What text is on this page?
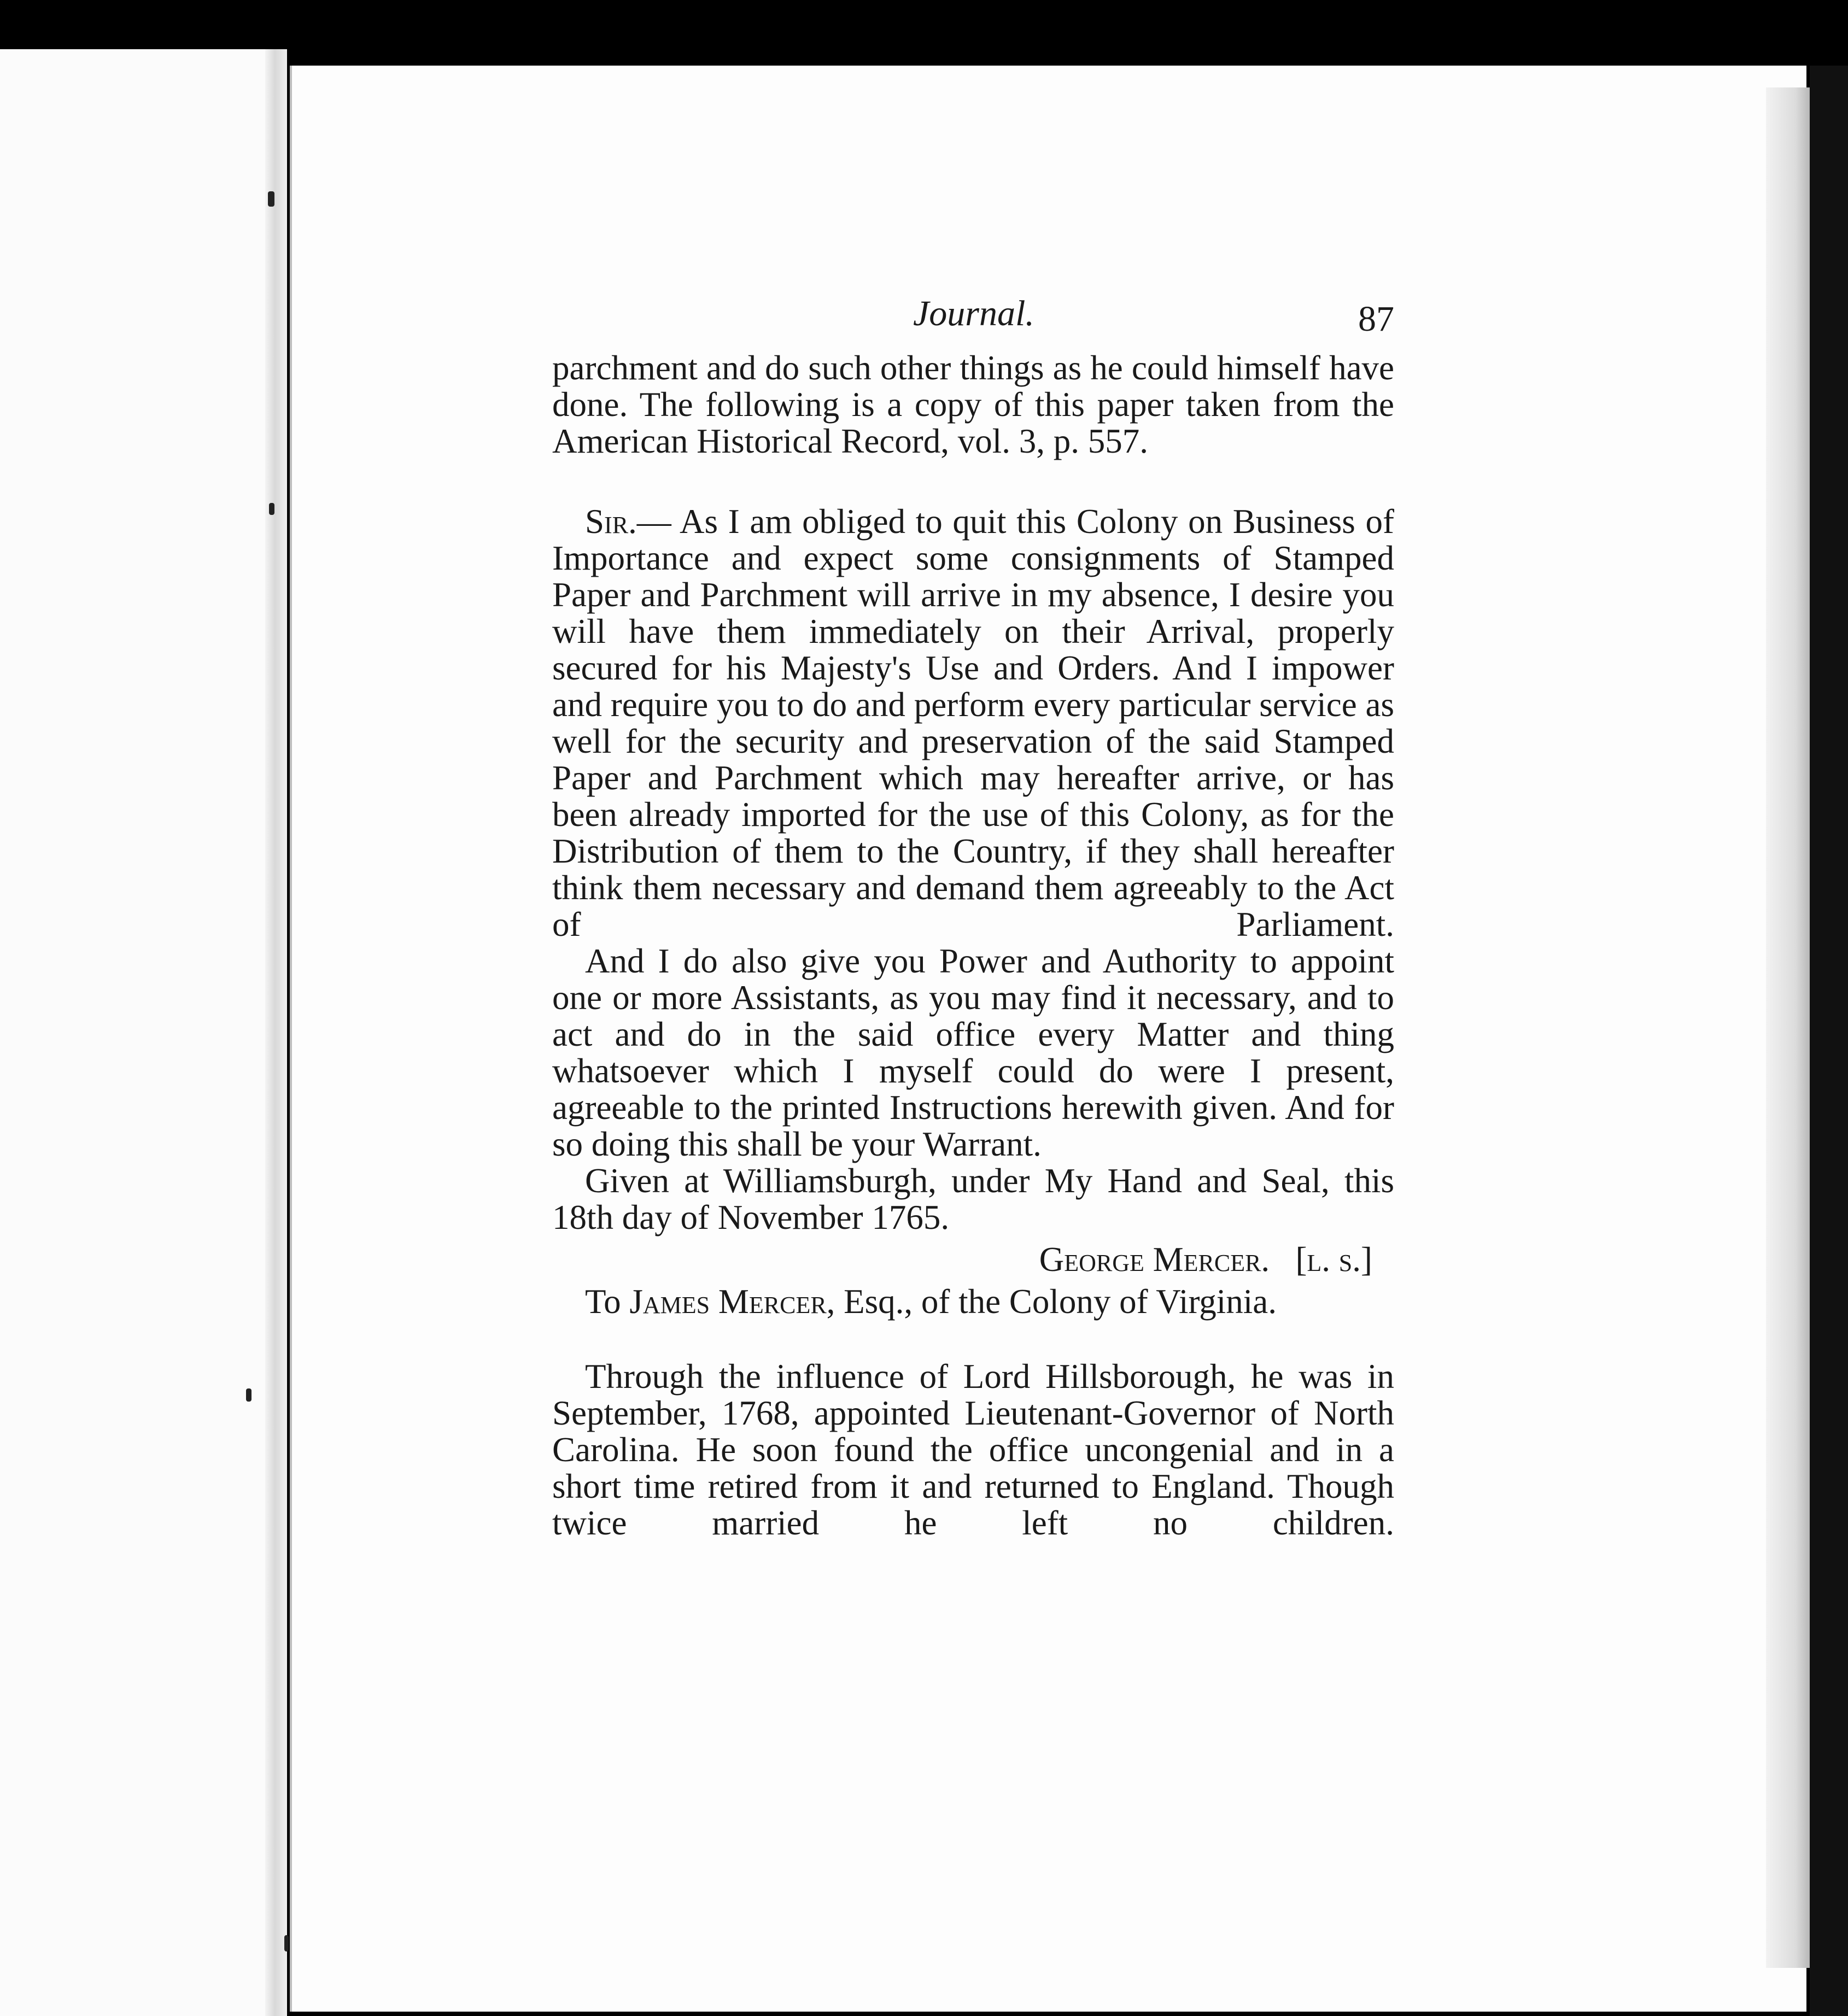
Journal.	87

parchment and do such other things as he could himself have done. The following is a copy of this paper taken from the American Historical Record, vol. 3, p. 557.

Sir.— As I am obliged to quit this Colony on Business of Importance and expect some consignments of Stamped Paper and Parchment will arrive in my absence, I desire you will have them immediately on their Arrival, properly secured for his Majesty's Use and Orders. And I impower and require you to do and perform every particular service as well for the security and preservation of the said Stamped Paper and Parchment which may hereafter arrive, or has been already imported for the use of this Colony, as for the Distribution of them to the Country, if they shall hereafter think them necessary and demand them agreeably to the Act of Parliament.

And I do also give you Power and Authority to appoint one or more Assistants, as you may find it necessary, and to act and do in the said office every Matter and thing whatsoever which I myself could do were I present, agreeable to the printed Instructions herewith given. And for so doing this shall be your Warrant.

Given at Williamsburgh, under My Hand and Seal, this 18th day of November 1765.

George Mercer. [l. s.]

To James Mercer, Esq., of the Colony of Virginia.

Through the influence of Lord Hillsborough, he was in September, 1768, appointed Lieutenant-Governor of North Carolina. He soon found the office uncongenial and in a short time retired from it and returned to England. Though twice married he left no children.
